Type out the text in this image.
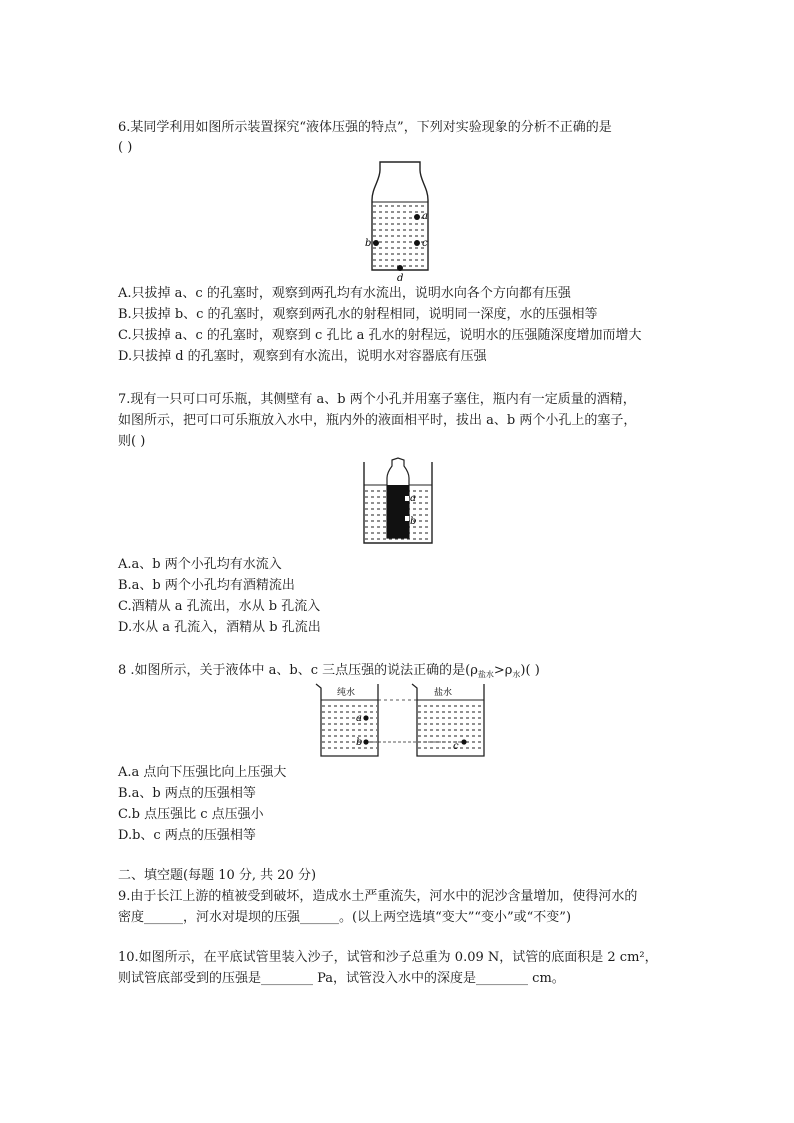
6.某同学利用如图所示装置探究“液体压强的特点”，下列对实验现象的分析不正确的是
( )
a
b	c
d
A.只拔掉 a、c 的孔塞时，观察到两孔均有水流出，说明水向各个方向都有压强
B.只拔掉 b、c 的孔塞时，观察到两孔水的射程相同，说明同一深度，水的压强相等
C.只拔掉 a、c 的孔塞时，观察到 c 孔比 a 孔水的射程远，说明水的压强随深度增加而增大
D.只拔掉 d 的孔塞时，观察到有水流出，说明水对容器底有压强
7.现有一只可口可乐瓶，其侧壁有 a、b 两个小孔并用塞子塞住，瓶内有一定质量的酒精，
如图所示，把可口可乐瓶放入水中，瓶内外的液面相平时，拔出 a、b 两个小孔上的塞子，
则( )
a
b
A.a、b 两个小孔均有水流入
B.a、b 两个小孔均有酒精流出
C.酒精从 a 孔流出，水从 b 孔流入
D.水从 a 孔流入，酒精从 b 孔流出
8 .如图所示，关于液体中 a、b、c 三点压强的说法正确的是$(\rho_{盐水}>\rho_水)$( )
纯水	盐水
a
b	c
A.a 点向下压强比向上压强大
B.a、b 两点的压强相等
C.b 点压强比 c 点压强小
D.b、c 两点的压强相等
二、填空题(每题 10 分, 共 20 分)
9.由于长江上游的植被受到破坏，造成水土严重流失，河水中的泥沙含量增加，使得河水的
密度______，河水对堤坝的压强______。(以上两空选填“变大”“变小”或“不变”)
10.如图所示，在平底试管里装入沙子，试管和沙子总重为 0.09 N，试管的底面积是 2 cm²，
则试管底部受到的压强是________ Pa，试管没入水中的深度是________ cm。
